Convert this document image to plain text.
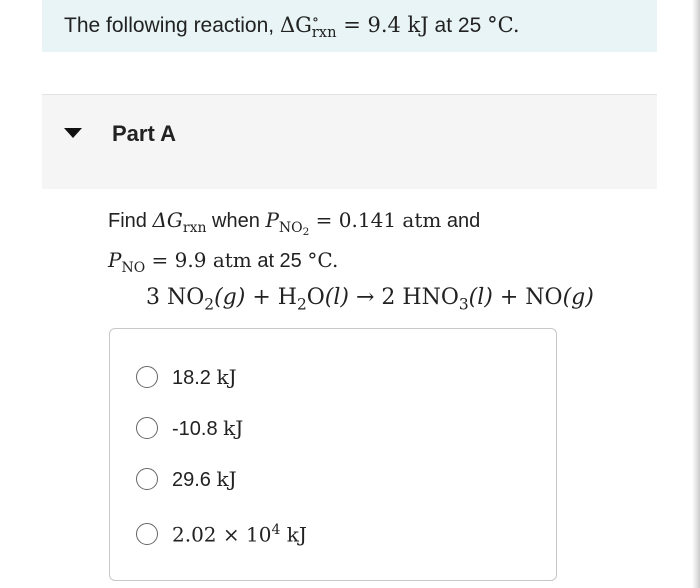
The following reaction, $\Delta G^\circ_{rxn} = 9.4$ kJ at 25 °C.
Part A
Find $\Delta G_{rxn}$ when $P_{NO_2} = 0.141$ atm and
$P_{NO} = 9.9$ atm at 25 °C.
3 $NO_2(g) + H_2O(l) \to 2$ $HNO_3(l) + NO(g)$
18.2 kJ
-10.8 kJ
29.6 kJ
$2.02 \times 10^4$ kJ
